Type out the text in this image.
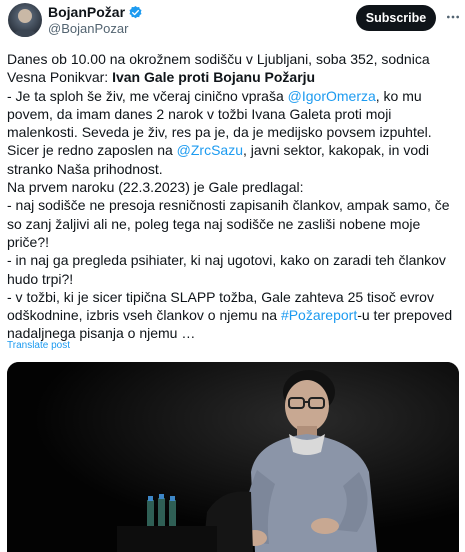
BojanPožar
@BojanPozar
Subscribe

Danes ob 10.00 na okrožnem sodišču v Ljubljani, soba 352, sodnica Vesna Ponikvar: Ivan Gale proti Bojanu Požarju

- Je ta sploh še živ, me včeraj cinično vpraša @IgorOmerza, ko mu povem, da imam danes 2 narok v tožbi Ivana Galeta proti moji malenkosti. Seveda je živ, res pa je, da je medijsko povsem izpuhtel. Sicer je redno zaposlen na @ZrcSazu, javni sektor, kakopak, in vodi stranko Naša prihodnost.

Na prvem naroku (22.3.2023) je Gale predlagal:

- naj sodišče ne presoja resničnosti zapisanih člankov, ampak samo, če so zanj žaljivi ali ne, poleg tega naj sodišče ne zasliši nobene moje priče?!

- in naj ga pregleda psihiater, ki naj ugotovi, kako on zaradi teh člankov hudo trpi?!

- v tožbi, ki je sicer tipična SLAPP tožba, Gale zahteva 25 tisoč evrov odškodnine, izbris vseh člankov o njemu na #Požareport-u ter prepoved nadaljnega pisanja o njemu …

Translate post
